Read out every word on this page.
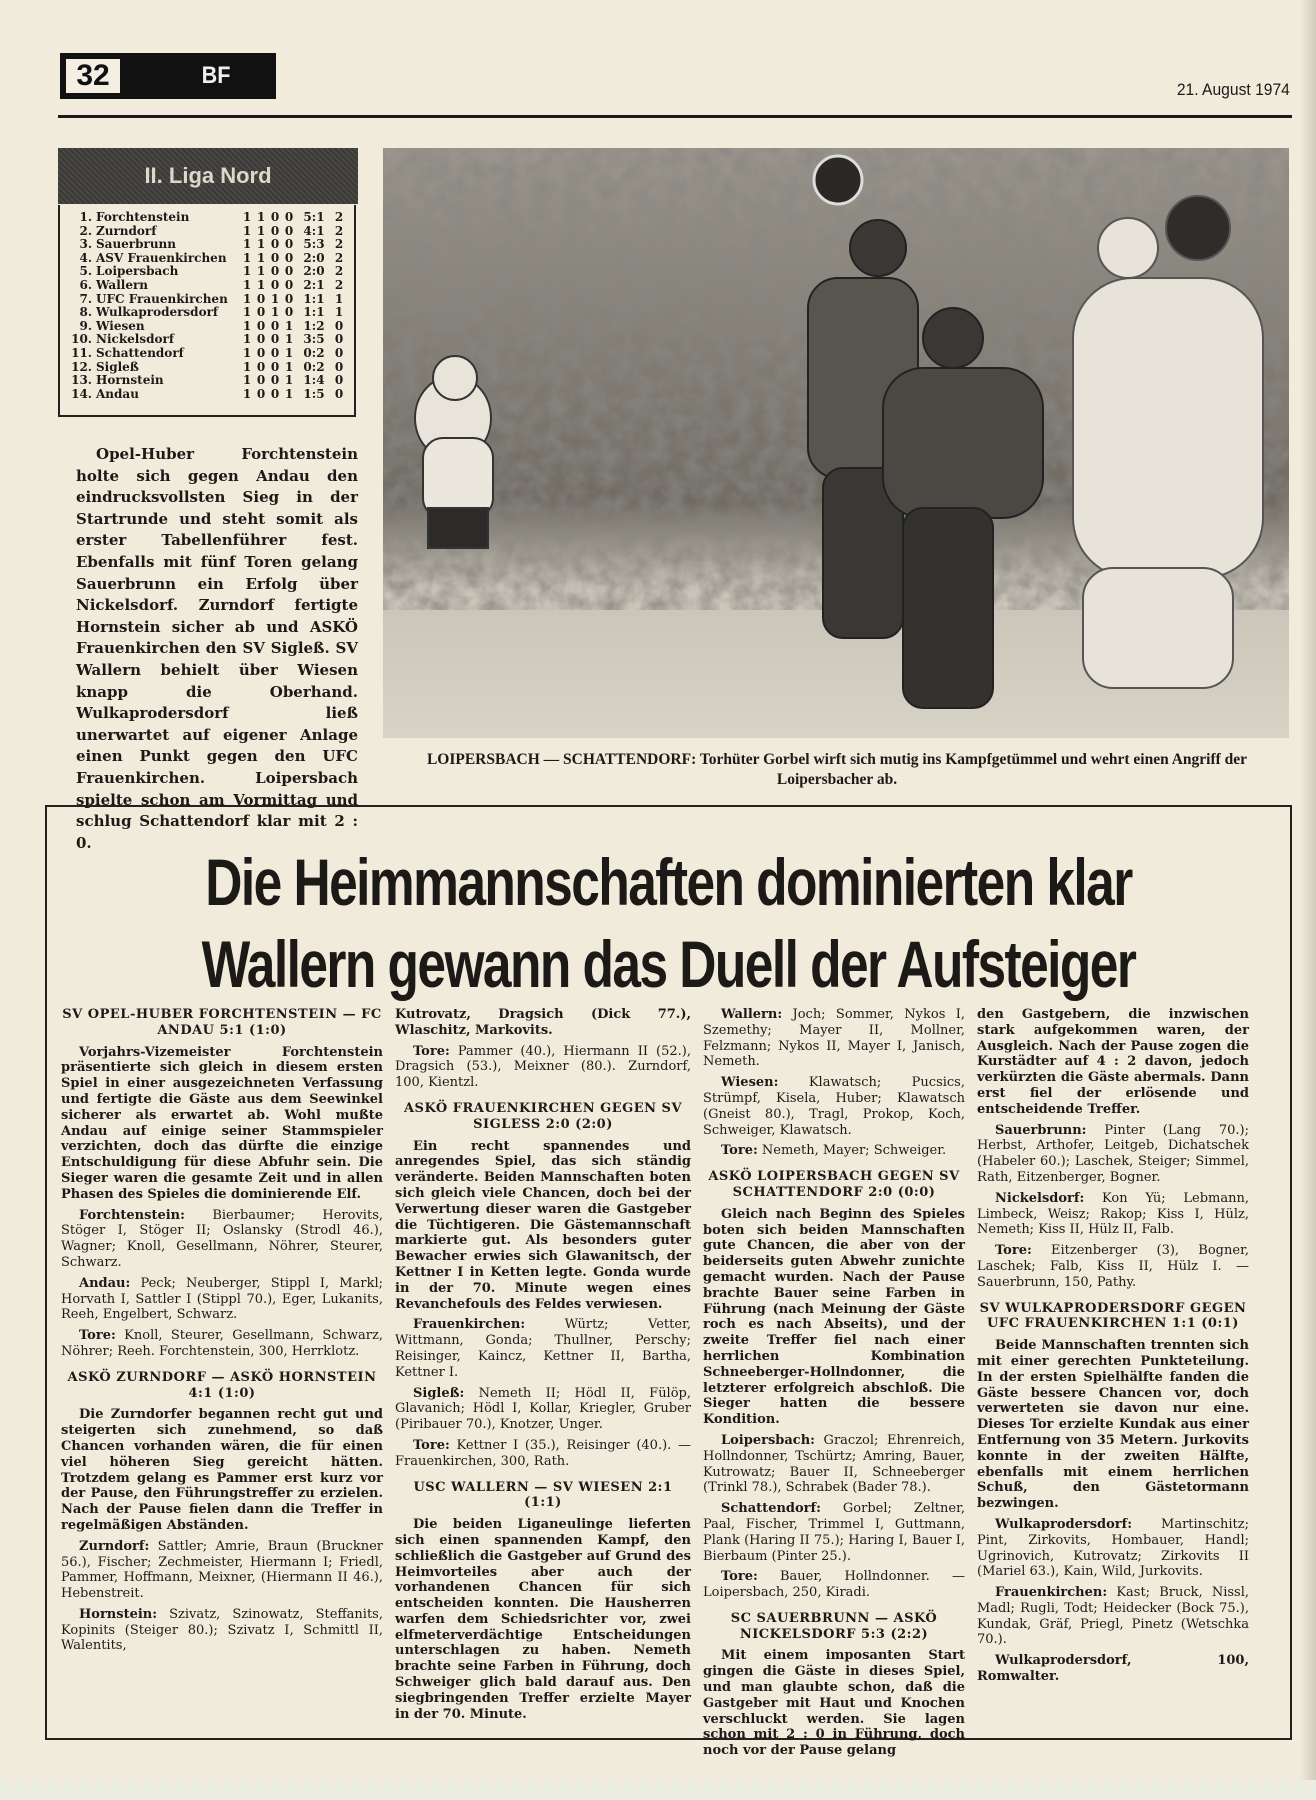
32	BF
21. August 1974
II. Liga Nord
1. Forchtenstein	1	1	0	0	5:1	2
2. Zurndorf	1	1	0	0	4:1	2
3. Sauerbrunn	1	1	0	0	5:3	2
4. ASV Frauenkirchen	1	1	0	0	2:0	2
5. Loipersbach	1	1	0	0	2:0	2
6. Wallern	1	1	0	0	2:1	2
7. UFC Frauenkirchen	1	0	1	0	1:1	1
8. Wulkaprodersdorf	1	0	1	0	1:1	1
9. Wiesen	1	0	0	1	1:2	0
10. Nickelsdorf	1	0	0	1	3:5	0
11. Schattendorf	1	0	0	1	0:2	0
12. Sigleß	1	0	0	1	0:2	0
13. Hornstein	1	0	0	1	1:4	0
14. Andau	1	0	0	1	1:5	0
Opel-Huber Forchtenstein holte sich gegen Andau den eindrucksvollsten Sieg in der Startrunde und steht somit als erster Tabellenführer fest. Ebenfalls mit fünf Toren gelang Sauerbrunn ein Erfolg über Nickelsdorf. Zurndorf fertigte Hornstein sicher ab und ASKÖ Frauenkirchen den SV Sigleß. SV Wallern behielt über Wiesen knapp die Oberhand. Wulkaprodersdorf ließ unerwartet auf eigener Anlage einen Punkt gegen den UFC Frauenkirchen. Loipersbach spielte schon am Vormittag und schlug Schattendorf klar mit 2 : 0.
LOIPERSBACH — SCHATTENDORF: Torhüter Gorbel wirft sich mutig ins Kampfgetümmel und wehrt einen Angriff der Loipersbacher ab.
Die Heimmannschaften dominierten klar
Wallern gewann das Duell der Aufsteiger
SV OPEL-HUBER FORCHTENSTEIN — FC ANDAU 5:1 (1:0)

Vorjahrs-Vizemeister Forchtenstein präsentierte sich gleich in diesem ersten Spiel in einer ausgezeichneten Verfassung und fertigte die Gäste aus dem Seewinkel sicherer als erwartet ab. Wohl mußte Andau auf einige seiner Stammspieler verzichten, doch das dürfte die einzige Entschuldigung für diese Abfuhr sein. Die Sieger waren die gesamte Zeit und in allen Phasen des Spieles die dominierende Elf.

Forchtenstein: Bierbaumer; Herovits, Stöger I, Stöger II; Oslansky (Strodl 46.), Wagner; Knoll, Gesellmann, Nöhrer, Steurer, Schwarz.

Andau: Peck; Neuberger, Stippl I, Markl; Horvath I, Sattler I (Stippl 70.), Eger, Lukanits, Reeh, Engelbert, Schwarz.

Tore: Knoll, Steurer, Gesellmann, Schwarz, Nöhrer; Reeh. Forchtenstein, 300, Herrklotz.

ASKÖ ZURNDORF — ASKÖ HORNSTEIN 4:1 (1:0)

Die Zurndorfer begannen recht gut und steigerten sich zunehmend, so daß Chancen vorhanden wären, die für einen viel höheren Sieg gereicht hätten. Trotzdem gelang es Pammer erst kurz vor der Pause, den Führungstreffer zu erzielen. Nach der Pause fielen dann die Treffer in regelmäßigen Abständen.

Zurndorf: Sattler; Amrie, Braun (Bruckner 56.), Fischer; Zechmeister, Hiermann I; Friedl, Pammer, Hoffmann, Meixner, (Hiermann II 46.), Hebenstreit.

Hornstein: Szivatz, Szinowatz, Steffanits, Kopinits (Steiger 80.); Szivatz I, Schmittl II, Walentits,

Kutrovatz, Dragsich (Dick 77.), Wlaschitz, Markovits.

Tore: Pammer (40.), Hiermann II (52.), Dragsich (53.), Meixner (80.). Zurndorf, 100, Kientzl.

ASKÖ FRAUENKIRCHEN GEGEN SV SIGLESS 2:0 (2:0)

Ein recht spannendes und anregendes Spiel, das sich ständig veränderte. Beiden Mannschaften boten sich gleich viele Chancen, doch bei der Verwertung dieser waren die Gastgeber die Tüchtigeren. Die Gästemannschaft markierte gut. Als besonders guter Bewacher erwies sich Glawanitsch, der Kettner I in Ketten legte. Gonda wurde in der 70. Minute wegen eines Revanchefouls des Feldes verwiesen.

Frauenkirchen: Würtz; Vetter, Wittmann, Gonda; Thullner, Perschy; Reisinger, Kaincz, Kettner II, Bartha, Kettner I.

Sigleß: Nemeth II; Hödl II, Fülöp, Glavanich; Hödl I, Kollar, Kriegler, Gruber (Piribauer 70.), Knotzer, Unger.

Tore: Kettner I (35.), Reisinger (40.). — Frauenkirchen, 300, Rath.

USC WALLERN — SV WIESEN 2:1 (1:1)

Die beiden Liganeulinge lieferten sich einen spannenden Kampf, den schließlich die Gastgeber auf Grund des Heimvorteiles aber auch der vorhandenen Chancen für sich entscheiden konnten. Die Hausherren warfen dem Schiedsrichter vor, zwei elfmeterverdächtige Entscheidungen unterschlagen zu haben. Nemeth brachte seine Farben in Führung, doch Schweiger glich bald darauf aus. Den siegbringenden Treffer erzielte Mayer in der 70. Minute.

Wallern: Joch; Sommer, Nykos I, Szemethy; Mayer II, Mollner, Felzmann; Nykos II, Mayer I, Janisch, Nemeth.

Wiesen: Klawatsch; Pucsics, Strümpf, Kisela, Huber; Klawatsch (Gneist 80.), Tragl, Prokop, Koch, Schweiger, Klawatsch.

Tore: Nemeth, Mayer; Schweiger.

ASKÖ LOIPERSBACH GEGEN SV SCHATTENDORF 2:0 (0:0)

Gleich nach Beginn des Spieles boten sich beiden Mannschaften gute Chancen, die aber von der beiderseits guten Abwehr zunichte gemacht wurden. Nach der Pause brachte Bauer seine Farben in Führung (nach Meinung der Gäste roch es nach Abseits), und der zweite Treffer fiel nach einer herrlichen Kombination Schneeberger-Hollndonner, die letzterer erfolgreich abschloß. Die Sieger hatten die bessere Kondition.

Loipersbach: Graczol; Ehrenreich, Hollndonner, Tschürtz; Amring, Bauer, Kutrowatz; Bauer II, Schneeberger (Trinkl 78.), Schrabek (Bader 78.).

Schattendorf: Gorbel; Zeltner, Paal, Fischer, Trimmel I, Guttmann, Plank (Haring II 75.); Haring I, Bauer I, Bierbaum (Pinter 25.).

Tore: Bauer, Hollndonner. — Loipersbach, 250, Kiradi.

SC SAUERBRUNN — ASKÖ NICKELSDORF 5:3 (2:2)

Mit einem imposanten Start gingen die Gäste in dieses Spiel, und man glaubte schon, daß die Gastgeber mit Haut und Knochen verschluckt werden. Sie lagen schon mit 2 : 0 in Führung, doch noch vor der Pause gelang

den Gastgebern, die inzwischen stark aufgekommen waren, der Ausgleich. Nach der Pause zogen die Kurstädter auf 4 : 2 davon, jedoch verkürzten die Gäste abermals. Dann erst fiel der erlösende und entscheidende Treffer.

Sauerbrunn: Pinter (Lang 70.); Herbst, Arthofer, Leitgeb, Dichatschek (Habeler 60.); Laschek, Steiger; Simmel, Rath, Eitzenberger, Bogner.

Nickelsdorf: Kon Yü; Lebmann, Limbeck, Weisz; Rakop; Kiss I, Hülz, Nemeth; Kiss II, Hülz II, Falb.

Tore: Eitzenberger (3), Bogner, Laschek; Falb, Kiss II, Hülz I. — Sauerbrunn, 150, Pathy.

SV WULKAPRODERSDORF GEGEN UFC FRAUENKIRCHEN 1:1 (0:1)

Beide Mannschaften trennten sich mit einer gerechten Punkteteilung. In der ersten Spielhälfte fanden die Gäste bessere Chancen vor, doch verwerteten sie davon nur eine. Dieses Tor erzielte Kundak aus einer Entfernung von 35 Metern. Jurkovits konnte in der zweiten Hälfte, ebenfalls mit einem herrlichen Schuß, den Gästetormann bezwingen.

Wulkaprodersdorf: Martinschitz; Pint, Zirkovits, Hombauer, Handl; Ugrinovich, Kutrovatz; Zirkovits II (Mariel 63.), Kain, Wild, Jurkovits.

Frauenkirchen: Kast; Bruck, Nissl, Madl; Rugli, Todt; Heidecker (Bock 75.), Kundak, Gräf, Priegl, Pinetz (Wetschka 70.).

Wulkaprodersdorf, 100, Romwalter.
